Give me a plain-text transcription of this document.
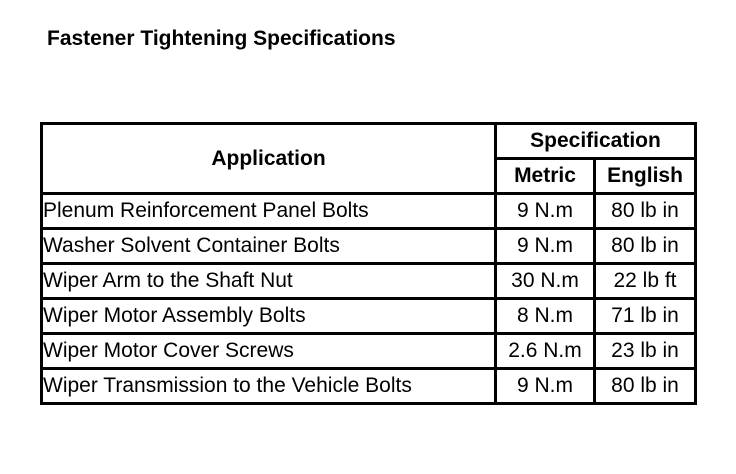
Fastener Tightening Specifications
Application	Specification	
	Metric	English
Plenum Reinforcement Panel Bolts	9 N.m	80 lb in
Washer Solvent Container Bolts	9 N.m	80 lb in
Wiper Arm to the Shaft Nut	30 N.m	22 lb ft
Wiper Motor Assembly Bolts	8 N.m	71 lb in
Wiper Motor Cover Screws	2.6 N.m	23 lb in
Wiper Transmission to the Vehicle Bolts	9 N.m	80 lb in
